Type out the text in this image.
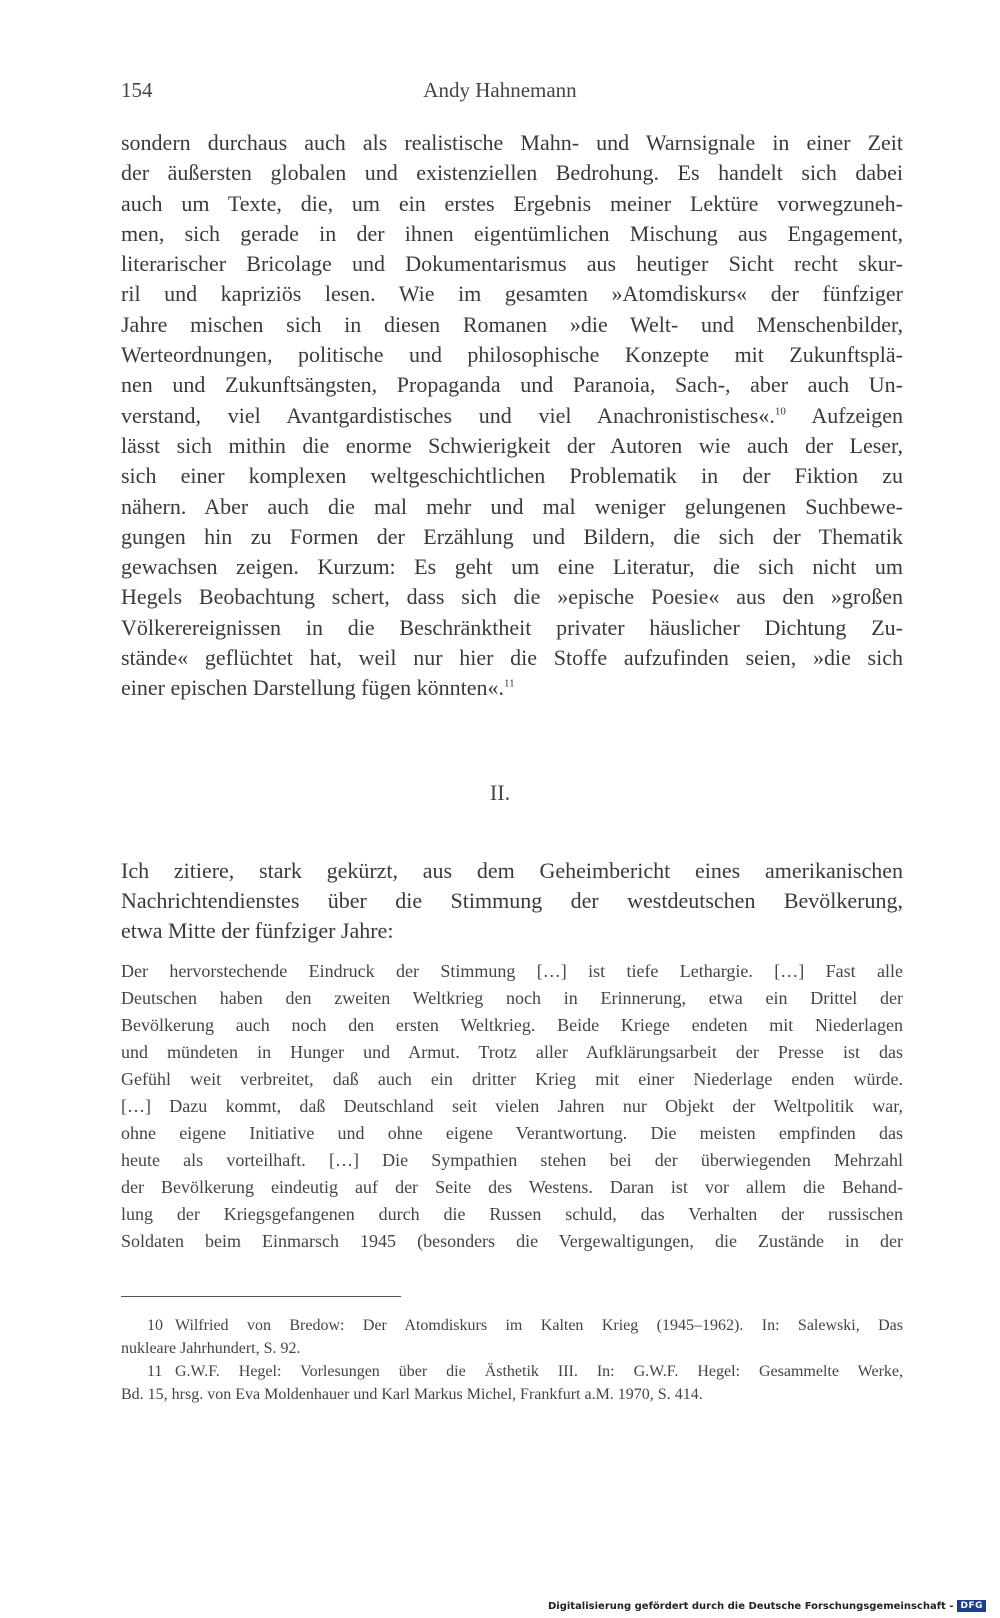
154	Andy Hahnemann
sondern durchaus auch als realistische Mahn- und Warnsignale in einer Zeit
der äußersten globalen und existenziellen Bedrohung. Es handelt sich dabei
auch um Texte, die, um ein erstes Ergebnis meiner Lektüre vorwegzuneh-
men, sich gerade in der ihnen eigentümlichen Mischung aus Engagement,
literarischer Bricolage und Dokumentarismus aus heutiger Sicht recht skur-
ril und kapriziös lesen. Wie im gesamten »Atomdiskurs« der fünfziger
Jahre mischen sich in diesen Romanen »die Welt- und Menschenbilder,
Werteordnungen, politische und philosophische Konzepte mit Zukunftsplä-
nen und Zukunftsängsten, Propaganda und Paranoia, Sach-, aber auch Un-
verstand, viel Avantgardistisches und viel Anachronistisches«.$^{10}$ Aufzeigen
lässt sich mithin die enorme Schwierigkeit der Autoren wie auch der Leser,
sich einer komplexen weltgeschichtlichen Problematik in der Fiktion zu
nähern. Aber auch die mal mehr und mal weniger gelungenen Suchbewe-
gungen hin zu Formen der Erzählung und Bildern, die sich der Thematik
gewachsen zeigen. Kurzum: Es geht um eine Literatur, die sich nicht um
Hegels Beobachtung schert, dass sich die »epische Poesie« aus den »großen
Völkerereignissen in die Beschränktheit privater häuslicher Dichtung Zu-
stände« geflüchtet hat, weil nur hier die Stoffe aufzufinden seien, »die sich
einer epischen Darstellung fügen könnten«.$^{11}$
II.
Ich zitiere, stark gekürzt, aus dem Geheimbericht eines amerikanischen
Nachrichtendienstes über die Stimmung der westdeutschen Bevölkerung,
etwa Mitte der fünfziger Jahre:
Der hervorstechende Eindruck der Stimmung […] ist tiefe Lethargie. […] Fast alle
Deutschen haben den zweiten Weltkrieg noch in Erinnerung, etwa ein Drittel der
Bevölkerung auch noch den ersten Weltkrieg. Beide Kriege endeten mit Niederlagen
und mündeten in Hunger und Armut. Trotz aller Aufklärungsarbeit der Presse ist das
Gefühl weit verbreitet, daß auch ein dritter Krieg mit einer Niederlage enden würde.
[…] Dazu kommt, daß Deutschland seit vielen Jahren nur Objekt der Weltpolitik war,
ohne eigene Initiative und ohne eigene Verantwortung. Die meisten empfinden das
heute als vorteilhaft. […] Die Sympathien stehen bei der überwiegenden Mehrzahl
der Bevölkerung eindeutig auf der Seite des Westens. Daran ist vor allem die Behand-
lung der Kriegsgefangenen durch die Russen schuld, das Verhalten der russischen
Soldaten beim Einmarsch 1945 (besonders die Vergewaltigungen, die Zustände in der
10 Wilfried von Bredow: Der Atomdiskurs im Kalten Krieg (1945–1962). In: Salewski, Das
nukleare Jahrhundert, S. 92.
11 G.W.F. Hegel: Vorlesungen über die Ästhetik III. In: G.W.F. Hegel: Gesammelte Werke,
Bd. 15, hrsg. von Eva Moldenhauer und Karl Markus Michel, Frankfurt a.M. 1970, S. 414.
Digitalisierung gefördert durch die Deutsche Forschungsgemeinschaft - DFG
